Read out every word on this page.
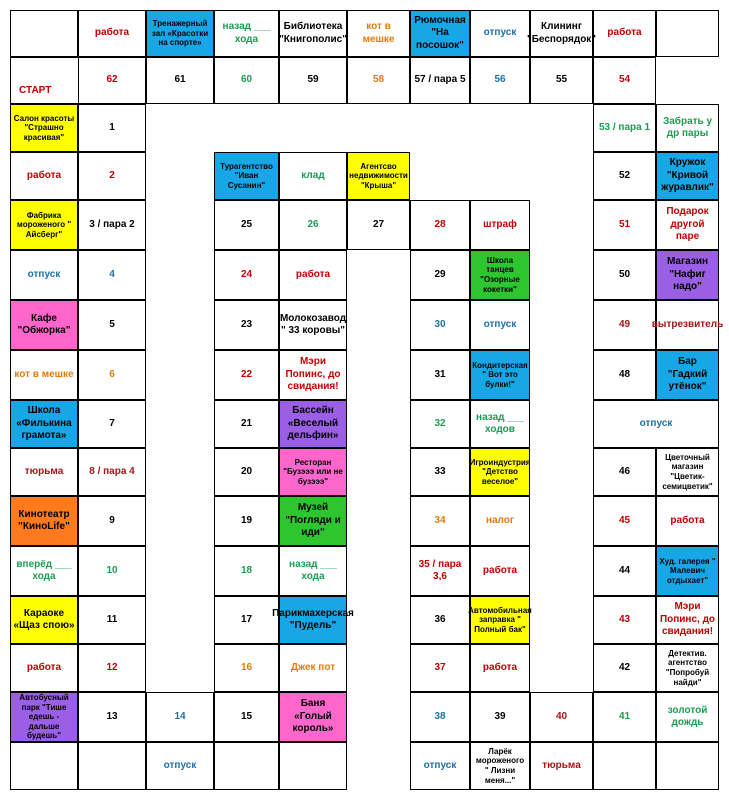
СТАРТ
Салон красоты "Страшно красивая"
1
работа	2
Фабрика мороженого " Айсберг"
3 / пара 2
отпуск	4
Кафе "Обжорка"
5
кот в мешке	6
Школа «Филькина грамота»
7
тюрьма	8 / пара 4
Кинотеатр "КиноLife"
9
вперёд ___ хода
10
Караоке «Щаз спою»
11
работа	12
Автобусный парк "Тише едешь - дальше будешь"
13	14
отпуск
15
Баня «Голый король»
16	Джек пот
17
Парикмахерская "Пудель"
18
назад ___ хода
19
Музей "Погляди и иди"
20
Ресторан "Бузэээ или не бузэээ"
21
Бассейн «Веселый дельфин»
22
Мэри Попинс, до свидания!
23
Молокозавод " 33 коровы"
24	работа
Турагентство "Иван Сусанин"
25
клад
26
Агентсво недвижимости "Крыша"
27	28	штраф
29
Школа танцев "Озорные кокетки"
30	отпуск
31
Кондитерская " Вот это булки!"
32
назад ___ ходов
33
Игроиндустрия "Детство веселое"
34	налог
35 / пара 3,6
работа
36
Автомобильная заправка " Полный бак"
37	работа
38
отпуск
39
Ларёк мороженого " Лизни меня..."
40
тюрьма
41
золотой дождь
42
Детектив. агентство "Попробуй найди"
43
Мэри Попинс, до свидания!
44
Худ. галерея " Малевич отдыхает"
45	работа
46
Цветочный магазин "Цветик-семицветик"
отпуск
48
Бар "Гадкий утёнок"
49 вытрезвитель
50
Магазин "Нафиг надо"
51
Подарок другой паре
52
Кружок "Кривой журавлик"
53 / пара 1
Забрать у др пары
54
работа
55
Клининг "Беспорядок"
56
отпуск
57 / пара 5
Рюмочная "На посошок"
58
кот в мешке
59
Библиотека "Книгополис"
60
назад ___ хода
61
Тренажерный зал «Красотки на спорте»
62
работа
